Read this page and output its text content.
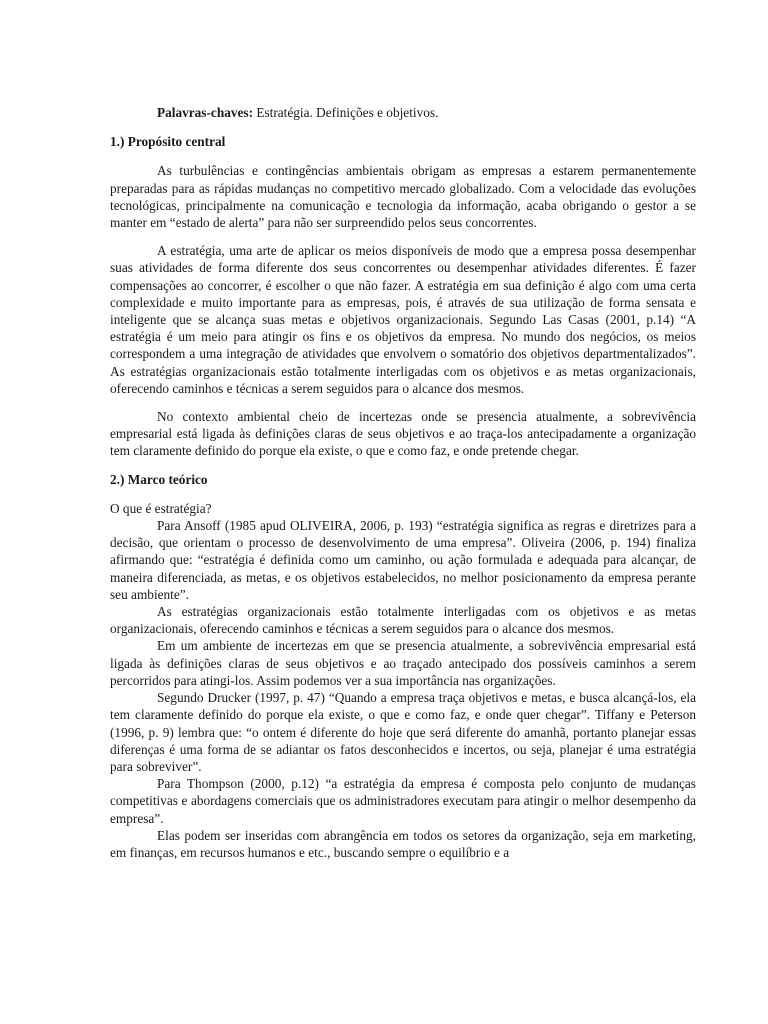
Palavras-chaves: Estratégia. Definições e objetivos.

1.) Propósito central

As turbulências e contingências ambientais obrigam as empresas a estarem permanentemente preparadas para as rápidas mudanças no competitivo mercado globalizado. Com a velocidade das evoluções tecnológicas, principalmente na comunicação e tecnologia da informação, acaba obrigando o gestor a se manter em “estado de alerta” para não ser surpreendido pelos seus concorrentes.

A estratégia, uma arte de aplicar os meios disponíveis de modo que a empresa possa desempenhar suas atividades de forma diferente dos seus concorrentes ou desempenhar atividades diferentes. É fazer compensações ao concorrer, é escolher o que não fazer. A estratégia em sua definição é algo com uma certa complexidade e muito importante para as empresas, pois, é através de sua utilização de forma sensata e inteligente que se alcança suas metas e objetivos organizacionais. Segundo Las Casas (2001, p.14) “A estratégia é um meio para atingir os fins e os objetivos da empresa. No mundo dos negócios, os meios correspondem a uma integração de atividades que envolvem o somatório dos objetivos departmentalizados”. As estratégias organizacionais estão totalmente interligadas com os objetivos e as metas organizacionais, oferecendo caminhos e técnicas a serem seguidos para o alcance dos mesmos.

No contexto ambiental cheio de incertezas onde se presencia atualmente, a sobrevivência empresarial está ligada às definições claras de seus objetivos e ao traça-los antecipadamente a organização tem claramente definido do porque ela existe, o que e como faz, e onde pretende chegar.

2.) Marco teórico

O que é estratégia?

Para Ansoff (1985 apud OLIVEIRA, 2006, p. 193) “estratégia significa as regras e diretrizes para a decisão, que orientam o processo de desenvolvimento de uma empresa”. Oliveira (2006, p. 194) finaliza afirmando que: “estratégia é definida como um caminho, ou ação formulada e adequada para alcançar, de maneira diferenciada, as metas, e os objetivos estabelecidos, no melhor posicionamento da empresa perante seu ambiente”.

As estratégias organizacionais estão totalmente interligadas com os objetivos e as metas organizacionais, oferecendo caminhos e técnicas a serem seguidos para o alcance dos mesmos.

Em um ambiente de incertezas em que se presencia atualmente, a sobrevivência empresarial está ligada às definições claras de seus objetivos e ao traçado antecipado dos possíveis caminhos a serem percorridos para atingi-los. Assim podemos ver a sua importância nas organizações.

Segundo Drucker (1997, p. 47) “Quando a empresa traça objetivos e metas, e busca alcançá-los, ela tem claramente definido do porque ela existe, o que e como faz, e onde quer chegar”. Tiffany e Peterson (1996, p. 9) lembra que: “o ontem é diferente do hoje que será diferente do amanhã, portanto planejar essas diferenças é uma forma de se adiantar os fatos desconhecidos e incertos, ou seja, planejar é uma estratégia para sobreviver”.

Para Thompson (2000, p.12) “a estratégia da empresa é composta pelo conjunto de mudanças competitivas e abordagens comerciais que os administradores executam para atingir o melhor desempenho da empresa”.

Elas podem ser inseridas com abrangência em todos os setores da organização, seja em marketing, em finanças, em recursos humanos e etc., buscando sempre o equilíbrio e a
